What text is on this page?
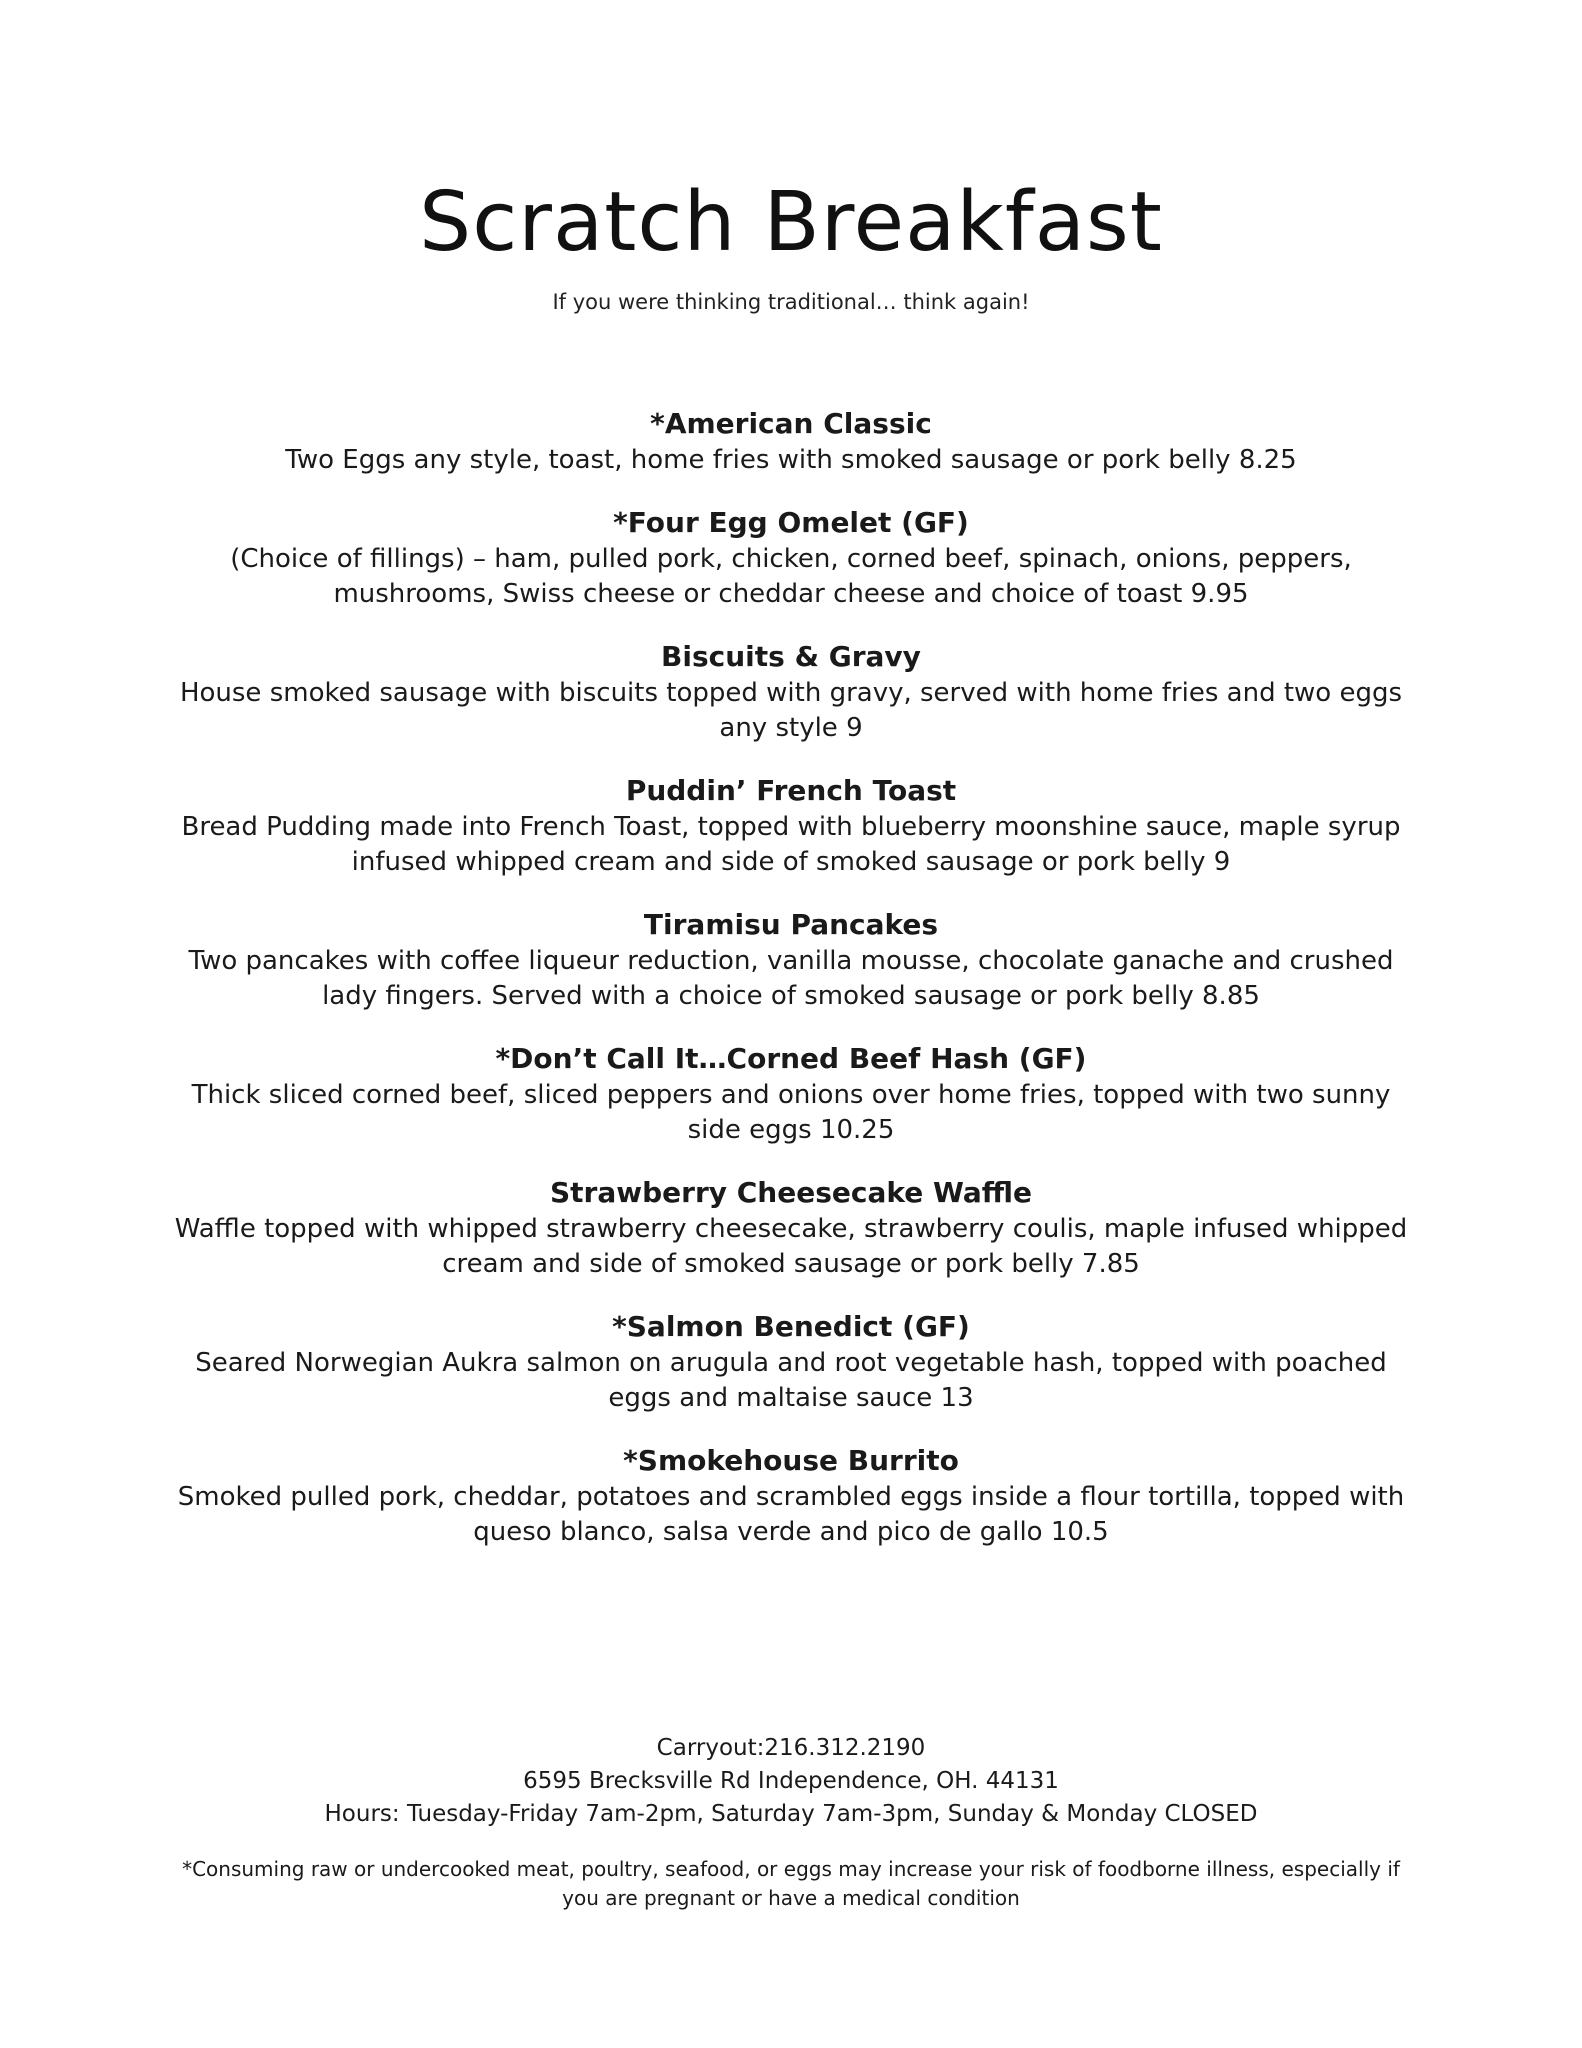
Scratch Breakfast

If you were thinking traditional… think again!

*American Classic

Two Eggs any style, toast, home fries with smoked sausage or pork belly 8.25

*Four Egg Omelet (GF)

(Choice of fillings) – ham, pulled pork, chicken, corned beef, spinach, onions, peppers, mushrooms, Swiss cheese or cheddar cheese and choice of toast 9.95

Biscuits & Gravy

House smoked sausage with biscuits topped with gravy, served with home fries and two eggs any style 9

Puddin’ French Toast

Bread Pudding made into French Toast, topped with blueberry moonshine sauce, maple syrup infused whipped cream and side of smoked sausage or pork belly 9

Tiramisu Pancakes

Two pancakes with coffee liqueur reduction, vanilla mousse, chocolate ganache and crushed lady fingers. Served with a choice of smoked sausage or pork belly 8.85

*Don’t Call It…Corned Beef Hash (GF)

Thick sliced corned beef, sliced peppers and onions over home fries, topped with two sunny side eggs 10.25

Strawberry Cheesecake Waffle

Waffle topped with whipped strawberry cheesecake, strawberry coulis, maple infused whipped cream and side of smoked sausage or pork belly 7.85

*Salmon Benedict (GF)

Seared Norwegian Aukra salmon on arugula and root vegetable hash, topped with poached eggs and maltaise sauce 13

*Smokehouse Burrito

Smoked pulled pork, cheddar, potatoes and scrambled eggs inside a flour tortilla, topped with queso blanco, salsa verde and pico de gallo 10.5

Carryout:216.312.2190

6595 Brecksville Rd Independence, OH. 44131

Hours: Tuesday-Friday 7am-2pm, Saturday 7am-3pm, Sunday & Monday CLOSED

*Consuming raw or undercooked meat, poultry, seafood, or eggs may increase your risk of foodborne illness, especially if you are pregnant or have a medical condition
